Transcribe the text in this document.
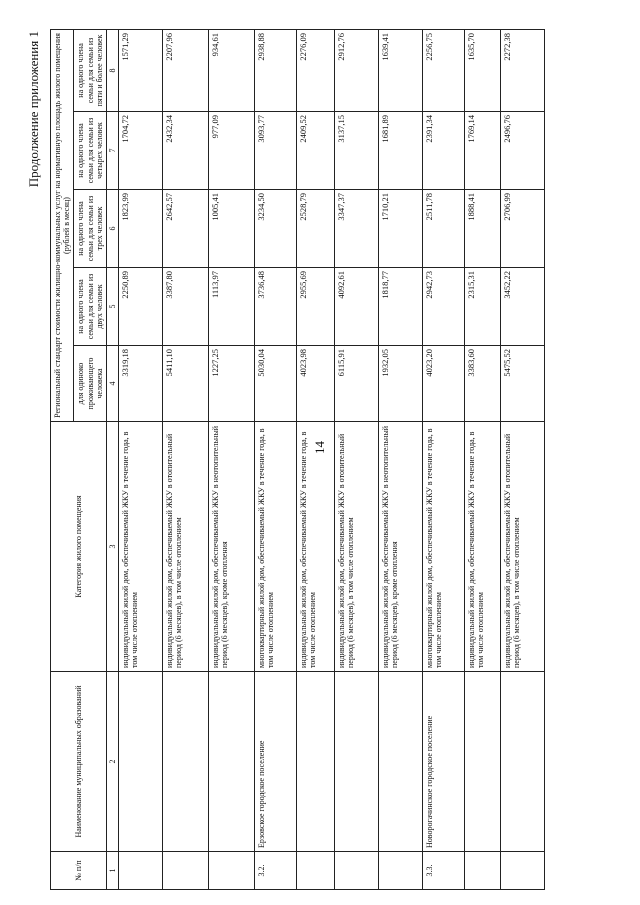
14
Продолжение приложения 1
№ п/п	Наименование муниципальных образований	Категория жилого помещения	Региональный стандарт стоимости жилищно-коммунальных услуг на нормативную площадь жилого помещения (рублей в месяц)				
			для одиноко проживающего человека	на одного члена семьи для семьи из двух человек	на одного члена семьи для семьи из трех человек	на одного члена семьи для семьи из четырех человек	на одного члена семьи для семьи из пяти и более человек
1	2	3	4	5	6	7	8
		индивидуальный жилой дом, обеспечиваемый ЖКУ в течение года, в том числе отоплением	3319,18	2250,89	1823,99	1704,72	1571,29
		индивидуальный жилой дом, обеспечиваемый ЖКУ в отопительный период (6 месяцев), в том числе отоплением	5411,10	3387,80	2642,57	2432,34	2207,96
		индивидуальный жилой дом, обеспечиваемый ЖКУ в неотопительный период (6 месяцев), кроме отопления	1227,25	1113,97	1005,41	977,09	934,61
3.2.	Ерзовское городское поселение	многоквартирный жилой дом, обеспечиваемый ЖКУ в течение года, в том числе отоплением	5030,04	3736,48	3234,50	3093,77	2938,88
		индивидуальный жилой дом, обеспечиваемый ЖКУ в течение года, в том числе отоплением	4023,98	2955,69	2528,79	2409,52	2276,09
		индивидуальный жилой дом, обеспечиваемый ЖКУ в отопительный период (6 месяцев), в том числе отоплением	6115,91	4092,61	3347,37	3137,15	2912,76
		индивидуальный жилой дом, обеспечиваемый ЖКУ в неотопительный период (6 месяцев), кроме отопления	1932,05	1818,77	1710,21	1681,89	1639,41
3.3.	Новорогачинское городское поселение	многоквартирный жилой дом, обеспечиваемый ЖКУ в течение года, в том числе отоплением	4023,20	2942,73	2511,78	2391,34	2256,75
		индивидуальный жилой дом, обеспечиваемый ЖКУ в течение года, в том числе отоплением	3383,60	2315,31	1888,41	1769,14	1635,70
		индивидуальный жилой дом, обеспечиваемый ЖКУ в отопительный период (6 месяцев), в том числе отоплением	5475,52	3452,22	2706,99	2496,76	2272,38
